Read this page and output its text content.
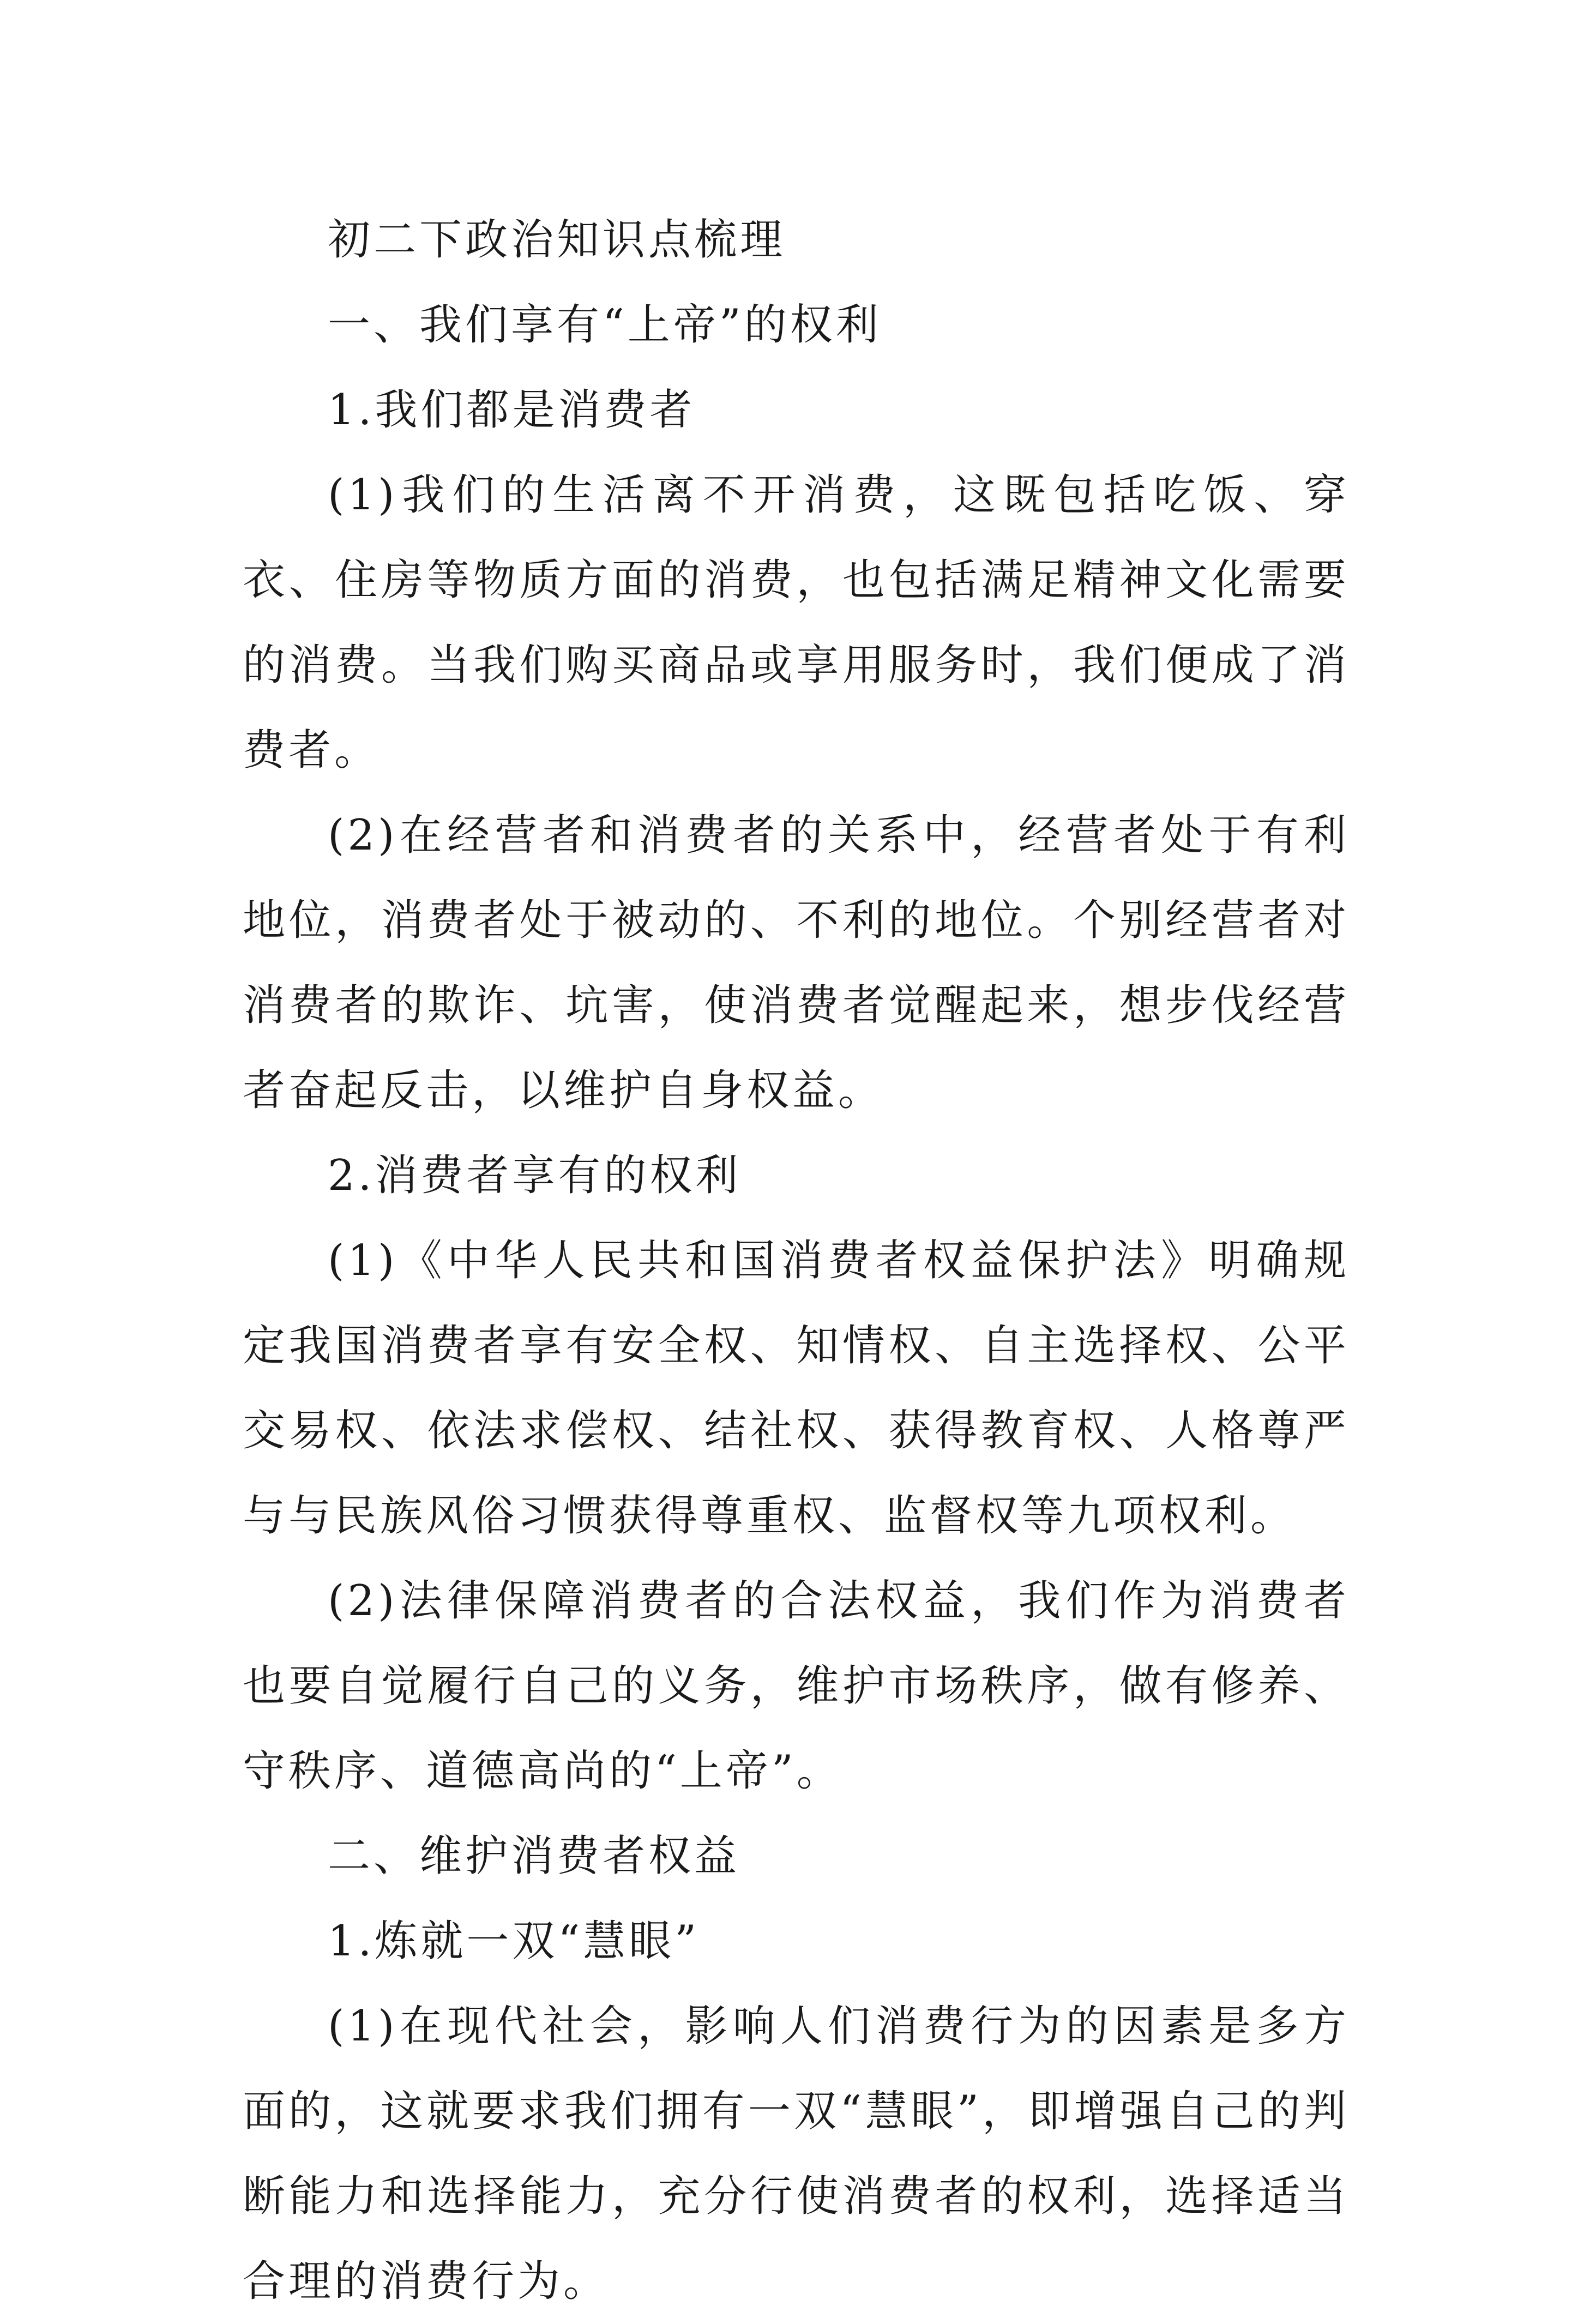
初二下政治知识点梳理

一、我们享有“上帝”的权利

1.我们都是消费者

(1)我们的生活离不开消费，这既包括吃饭、穿衣、住房等物质方面的消费，也包括满足精神文化需要的消费。当我们购买商品或享用服务时，我们便成了消费者。

(2)在经营者和消费者的关系中，经营者处于有利地位，消费者处于被动的、不利的地位。个别经营者对消费者的欺诈、坑害，使消费者觉醒起来，想步伐经营者奋起反击，以维护自身权益。

2.消费者享有的权利

(1)《中华人民共和国消费者权益保护法》明确规定我国消费者享有安全权、知情权、自主选择权、公平交易权、依法求偿权、结社权、获得教育权、人格尊严与与民族风俗习惯获得尊重权、监督权等九项权利。

(2)法律保障消费者的合法权益，我们作为消费者也要自觉履行自己的义务，维护市场秩序，做有修养、守秩序、道德高尚的“上帝”。

二、维护消费者权益

1.炼就一双“慧眼”

(1)在现代社会，影响人们消费行为的因素是多方面的，这就要求我们拥有一双“慧眼”，即增强自己的判断能力和选择能力，充分行使消费者的权利，选择适当合理的消费行为。
